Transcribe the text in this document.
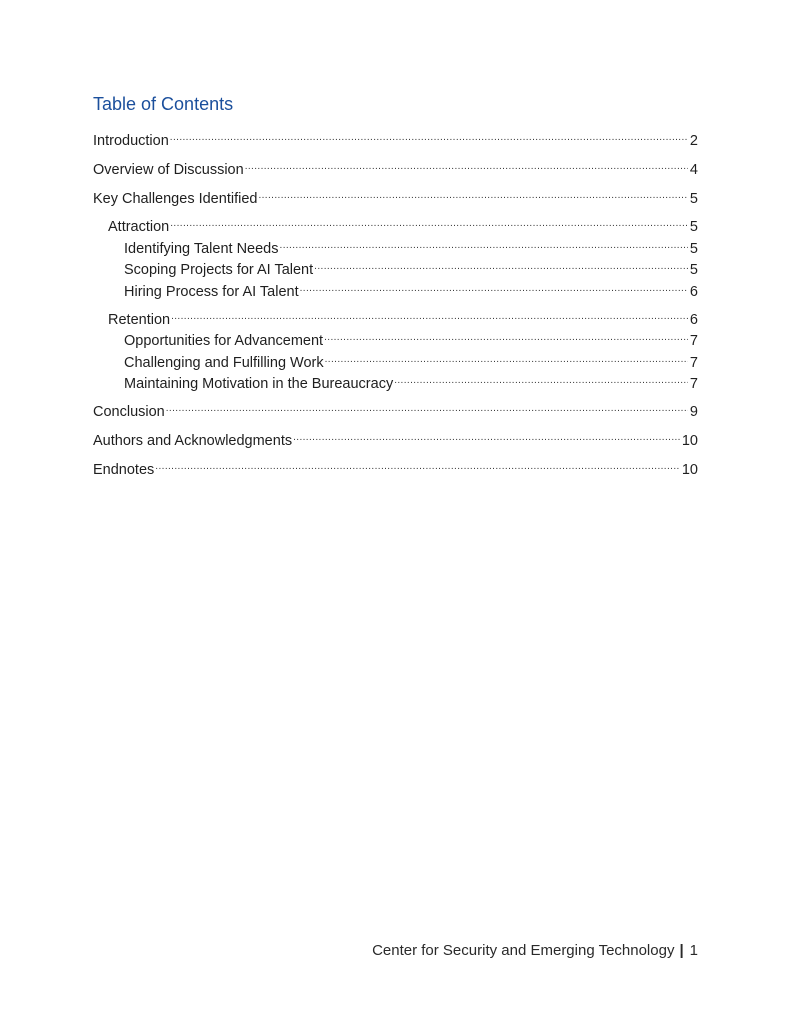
Table of Contents
Introduction .....	2
Overview of Discussion .....	4
Key Challenges Identified .....	5
Attraction .....	5
Identifying Talent Needs .....	5
Scoping Projects for AI Talent .....	5
Hiring Process for AI Talent .....	6
Retention .....	6
Opportunities for Advancement .....	7
Challenging and Fulfilling Work .....	7
Maintaining Motivation in the Bureaucracy .....	7
Conclusion .....	9
Authors and Acknowledgments .....	10
Endnotes .....	10
Center for Security and Emerging Technology | 1
